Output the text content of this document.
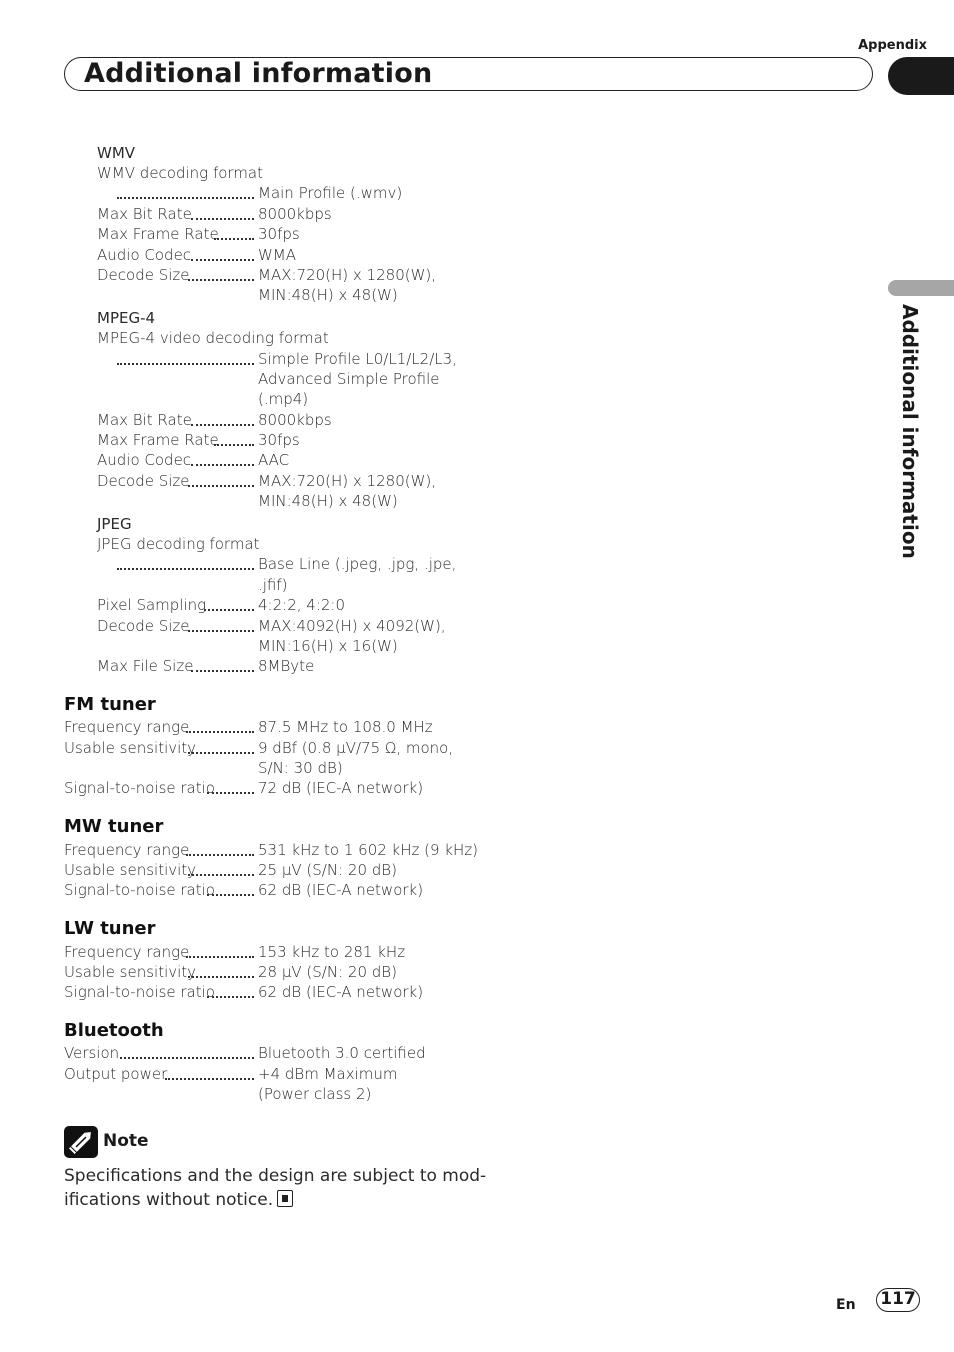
Appendix
Additional information
Additional information
WMV
WMV decoding format
Main Profile (.wmv)
Max Bit Rate	8000kbps
Max Frame Rate	30fps
Audio Codec	WMA
Decode Size	MAX:720(H) x 1280(W),
MIN:48(H) x 48(W)
MPEG-4
MPEG-4 video decoding format
Simple Profile L0/L1/L2/L3,
Advanced Simple Profile
(.mp4)
Max Bit Rate	8000kbps
Max Frame Rate	30fps
Audio Codec	AAC
Decode Size	MAX:720(H) x 1280(W),
MIN:48(H) x 48(W)
JPEG
JPEG decoding format
Base Line (.jpeg, .jpg, .jpe,
.jfif)
Pixel Sampling	4:2:2, 4:2:0
Decode Size	MAX:4092(H) x 4092(W),
MIN:16(H) x 16(W)
Max File Size	8MByte
FM tuner
Frequency range	87.5 MHz to 108.0 MHz
Usable sensitivity	9 dBf (0.8 µV/75 Ω, mono,
S/N: 30 dB)
Signal-to-noise ratio	72 dB (IEC-A network)
MW tuner
Frequency range	531 kHz to 1 602 kHz (9 kHz)
Usable sensitivity	25 µV (S/N: 20 dB)
Signal-to-noise ratio	62 dB (IEC-A network)
LW tuner
Frequency range	153 kHz to 281 kHz
Usable sensitivity	28 µV (S/N: 20 dB)
Signal-to-noise ratio	62 dB (IEC-A network)
Bluetooth
Version	Bluetooth 3.0 certified
Output power	+4 dBm Maximum
(Power class 2)
Note
Specifications and the design are subject to mod-
ifications without notice.
En 117
